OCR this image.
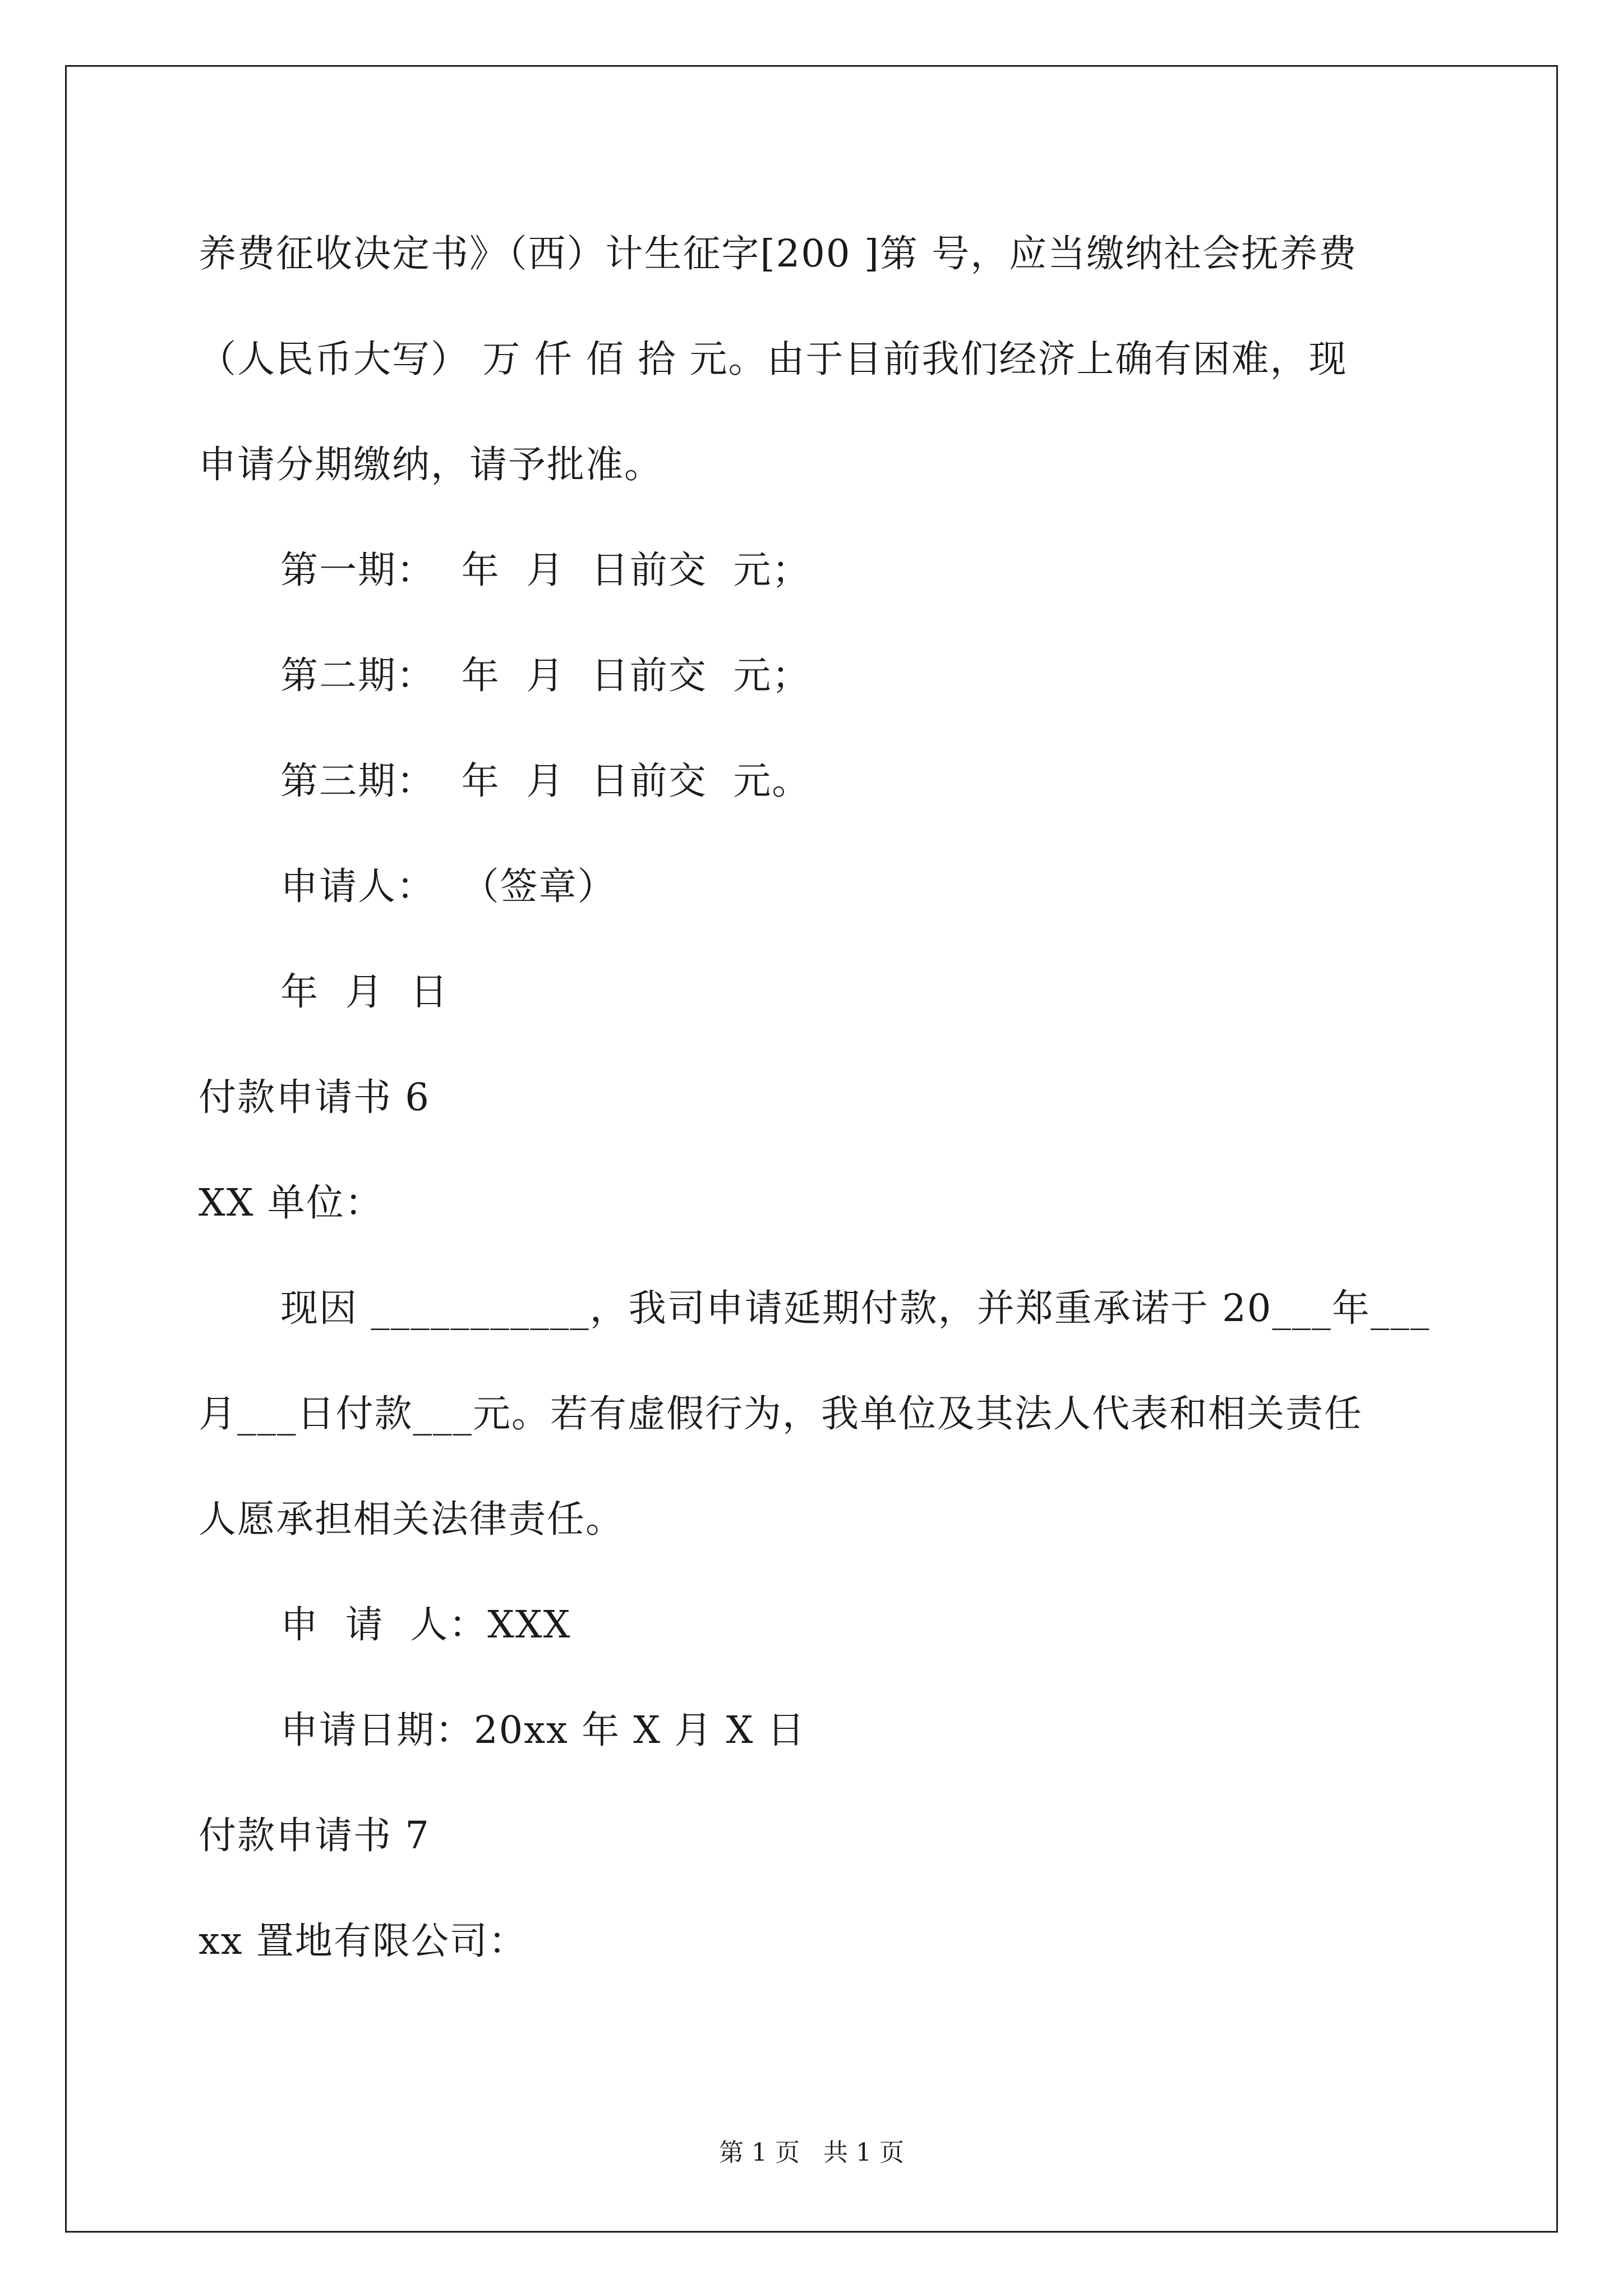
养费征收决定书》（西）计生征字[200 ]第 号，应当缴纳社会抚养费
（人民币大写） 万 仟 佰 拾 元。由于目前我们经济上确有困难，现
申请分期缴纳，请予批准。
第一期：  年  月  日前交  元；
第二期：  年  月  日前交  元；
第三期：  年  月  日前交  元。
申请人：  （签章）
年  月  日
付款申请书 6
XX 单位：
现因 ___________，我司申请延期付款，并郑重承诺于 20___年___
月___日付款___元。若有虚假行为，我单位及其法人代表和相关责任
人愿承担相关法律责任。
申  请  人：XXX
申请日期：20xx 年 X 月 X 日
付款申请书 7
xx 置地有限公司：
第 1 页   共 1 页
